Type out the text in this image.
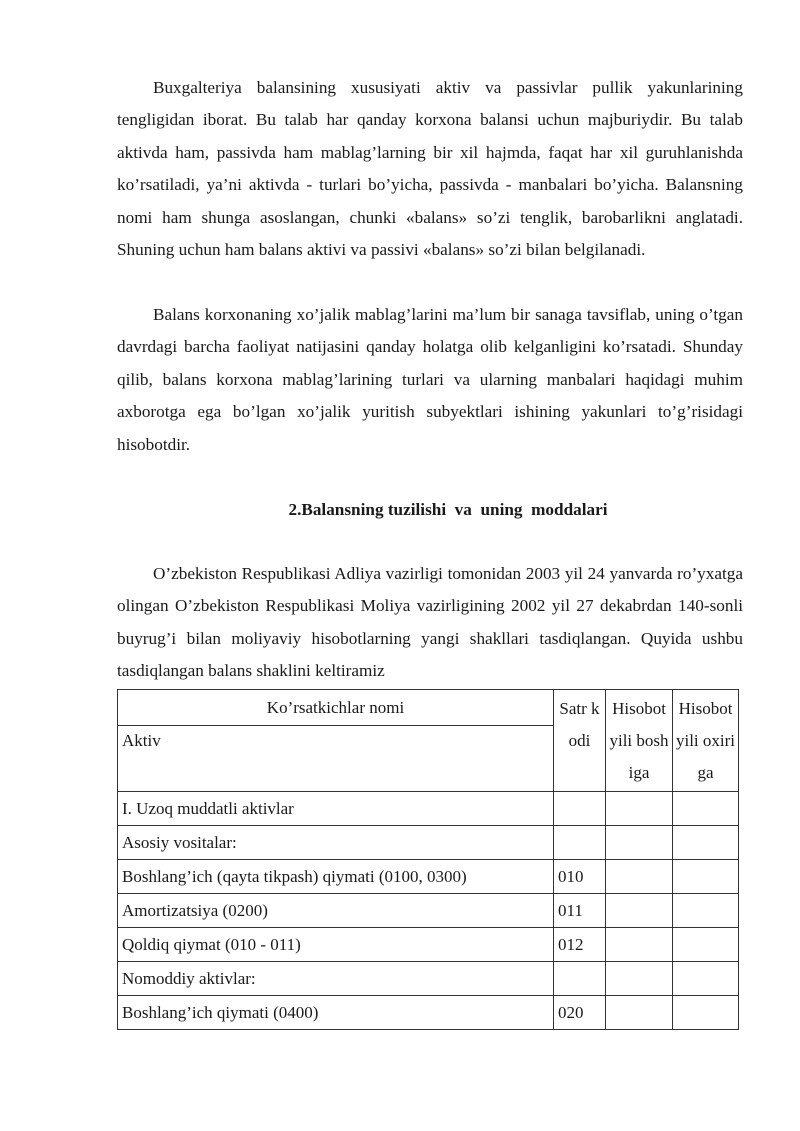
Buxgalteriya balansining xususiyati aktiv va passivlar pullik yakunlarining tengligidan iborat. Bu talab har qanday korxona balansi uchun majburiydir. Bu talab aktivda ham, passivda ham mablag’larning bir xil hajmda, faqat har xil guruhlanishda ko’rsatiladi, ya’ni aktivda - turlari bo’yicha, passivda - manbalari bo’yicha. Balansning nomi ham shunga asoslangan, chunki «balans» so’zi tenglik, barobarlikni anglatadi. Shuning uchun ham balans aktivi va passivi «balans» so’zi bilan belgilanadi.

Balans korxonaning xo’jalik mablag’larini ma’lum bir sanaga tavsiflab, uning o’tgan davrdagi barcha faoliyat natijasini qanday holatga olib kelganligini ko’rsatadi. Shunday qilib, balans korxona mablag’larining turlari va ularning manbalari haqidagi muhim axborotga ega bo’lgan xo’jalik yuritish subyektlari ishining yakunlari to’g’risidagi hisobotdir.

2.Balansning tuzilishi  va  uning  moddalari

O’zbekiston Respublikasi Adliya vazirligi tomonidan 2003 yil 24 yanvarda ro’yxatga olingan O’zbekiston Respublikasi Moliya vazirligining 2002 yil 27 dekabrdan 140-sonli buyrug’i bilan moliyaviy hisobotlarning yangi shakllari tasdiqlangan. Quyida ushbu tasdiqlangan balans shaklini keltiramiz

Ko’rsatkichlar nomi	Satr kodi	Hisobot yili boshiga	Hisobot yili oxiriga
Aktiv			
I. Uzoq muddatli aktivlar			
Asosiy vositalar:			
Boshlang’ich (qayta tikpash) qiymati (0100, 0300)	010		
Amortizatsiya (0200)	011		
Qoldiq qiymat (010 - 011)	012		
Nomoddiy aktivlar:			
Boshlang’ich qiymati (0400)	020		
